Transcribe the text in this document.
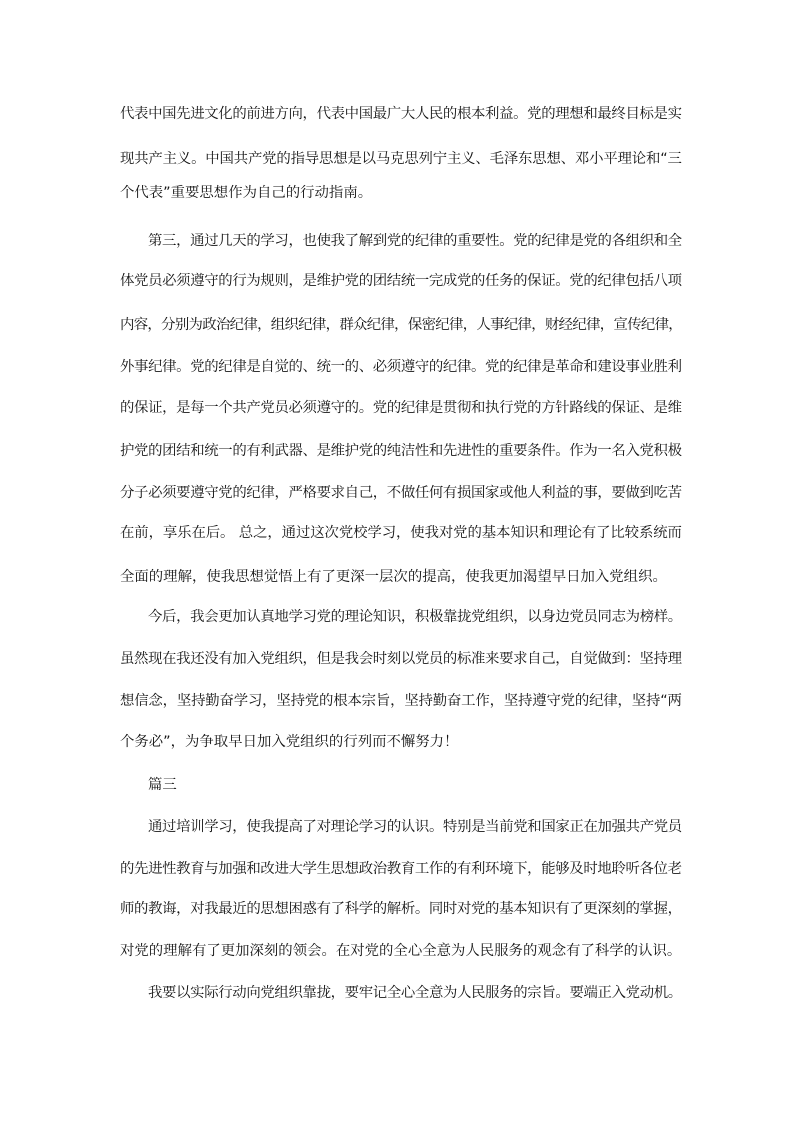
代表中国先进文化的前进方向，代表中国最广大人民的根本利益。党的理想和最终目标是实
现共产主义。中国共产党的指导思想是以马克思列宁主义、毛泽东思想、邓小平理论和“三
个代表”重要思想作为自己的行动指南。
第三，通过几天的学习，也使我了解到党的纪律的重要性。党的纪律是党的各组织和全
体党员必须遵守的行为规则，是维护党的团结统一完成党的任务的保证。党的纪律包括八项
内容，分别为政治纪律，组织纪律，群众纪律，保密纪律，人事纪律，财经纪律，宣传纪律，
外事纪律。党的纪律是自觉的、统一的、必须遵守的纪律。党的纪律是革命和建设事业胜利
的保证，是每一个共产党员必须遵守的。党的纪律是贯彻和执行党的方针路线的保证、是维
护党的团结和统一的有利武器、是维护党的纯洁性和先进性的重要条件。作为一名入党积极
分子必须要遵守党的纪律，严格要求自己，不做任何有损国家或他人利益的事，要做到吃苦
在前，享乐在后。 总之，通过这次党校学习，使我对党的基本知识和理论有了比较系统而
全面的理解，使我思想觉悟上有了更深一层次的提高，使我更加渴望早日加入党组织。
今后，我会更加认真地学习党的理论知识，积极靠拢党组织，以身边党员同志为榜样。
虽然现在我还没有加入党组织，但是我会时刻以党员的标准来要求自己，自觉做到：坚持理
想信念，坚持勤奋学习，坚持党的根本宗旨，坚持勤奋工作，坚持遵守党的纪律，坚持“两
个务必”，为争取早日加入党组织的行列而不懈努力！
篇三
通过培训学习，使我提高了对理论学习的认识。特别是当前党和国家正在加强共产党员
的先进性教育与加强和改进大学生思想政治教育工作的有利环境下，能够及时地聆听各位老
师的教诲，对我最近的思想困惑有了科学的解析。同时对党的基本知识有了更深刻的掌握，
对党的理解有了更加深刻的领会。在对党的全心全意为人民服务的观念有了科学的认识。
我要以实际行动向党组织靠拢，要牢记全心全意为人民服务的宗旨。要端正入党动机。
